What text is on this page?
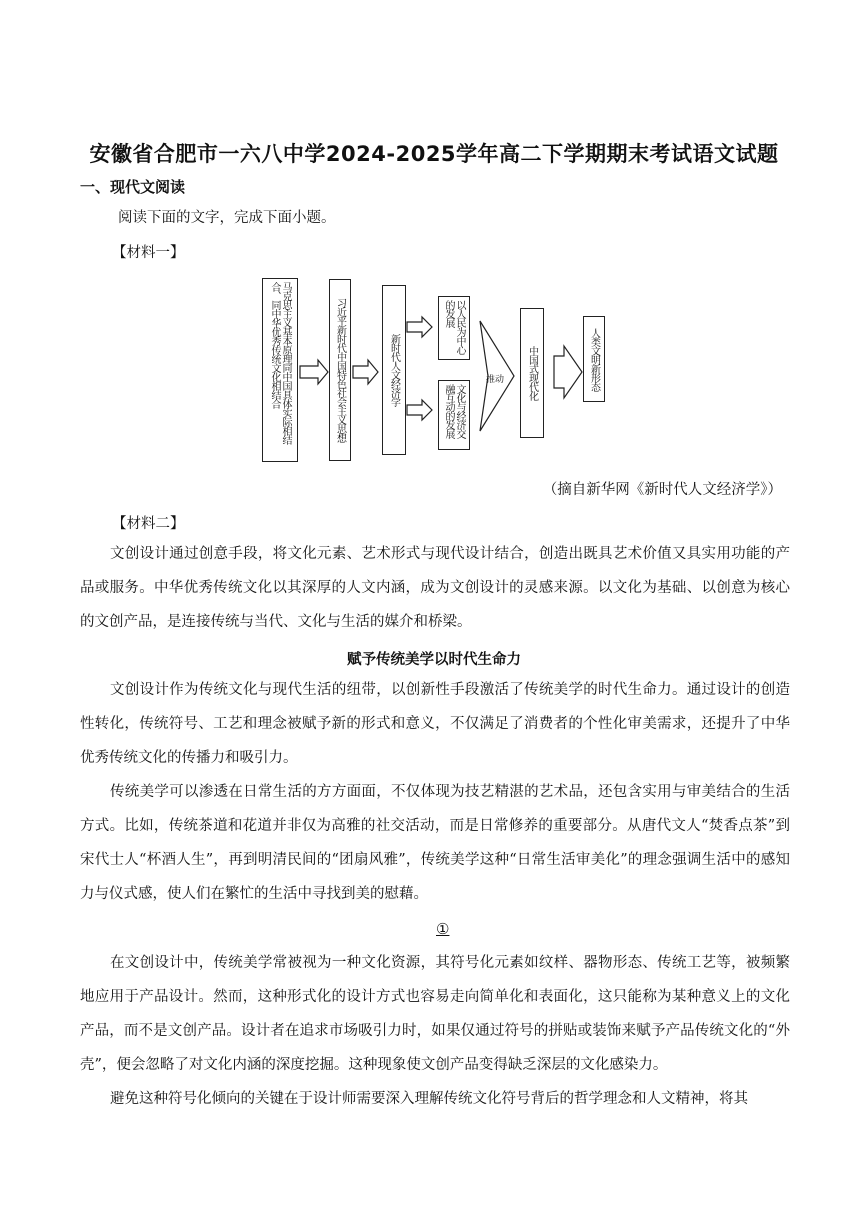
安徽省合肥市一六八中学2024-2025学年高二下学期期末考试语文试题
一、现代文阅读
阅读下面的文字，完成下面小题。
【材料一】
马克思主义基本原理同中国具体实际相结合、同中华优秀传统文化相结合	习近平新时代中国特色社会主义思想	新时代人文经济学
以人民为中心的发展
文化与经济交融互动的发展
推动	中国式现代化	人类文明新形态
（摘自新华网《新时代人文经济学》）
【材料二】
文创设计通过创意手段，将文化元素、艺术形式与现代设计结合，创造出既具艺术价值又具实用功能的产品或服务。中华优秀传统文化以其深厚的人文内涵，成为文创设计的灵感来源。以文化为基础、以创意为核心的文创产品，是连接传统与当代、文化与生活的媒介和桥梁。
赋予传统美学以时代生命力
文创设计作为传统文化与现代生活的纽带，以创新性手段激活了传统美学的时代生命力。通过设计的创造性转化，传统符号、工艺和理念被赋予新的形式和意义，不仅满足了消费者的个性化审美需求，还提升了中华优秀传统文化的传播力和吸引力。
传统美学可以渗透在日常生活的方方面面，不仅体现为技艺精湛的艺术品，还包含实用与审美结合的生活方式。比如，传统茶道和花道并非仅为高雅的社交活动，而是日常修养的重要部分。从唐代文人“焚香点茶”到宋代士人“杯酒人生”，再到明清民间的“团扇风雅”，传统美学这种“日常生活审美化”的理念强调生活中的感知力与仪式感，使人们在繁忙的生活中寻找到美的慰藉。
①
在文创设计中，传统美学常被视为一种文化资源，其符号化元素如纹样、器物形态、传统工艺等，被频繁地应用于产品设计。然而，这种形式化的设计方式也容易走向简单化和表面化，这只能称为某种意义上的文化产品，而不是文创产品。设计者在追求市场吸引力时，如果仅通过符号的拼贴或装饰来赋予产品传统文化的“外壳”，便会忽略了对文化内涵的深度挖掘。这种现象使文创产品变得缺乏深层的文化感染力。
避免这种符号化倾向的关键在于设计师需要深入理解传统文化符号背后的哲学理念和人文精神，将其
